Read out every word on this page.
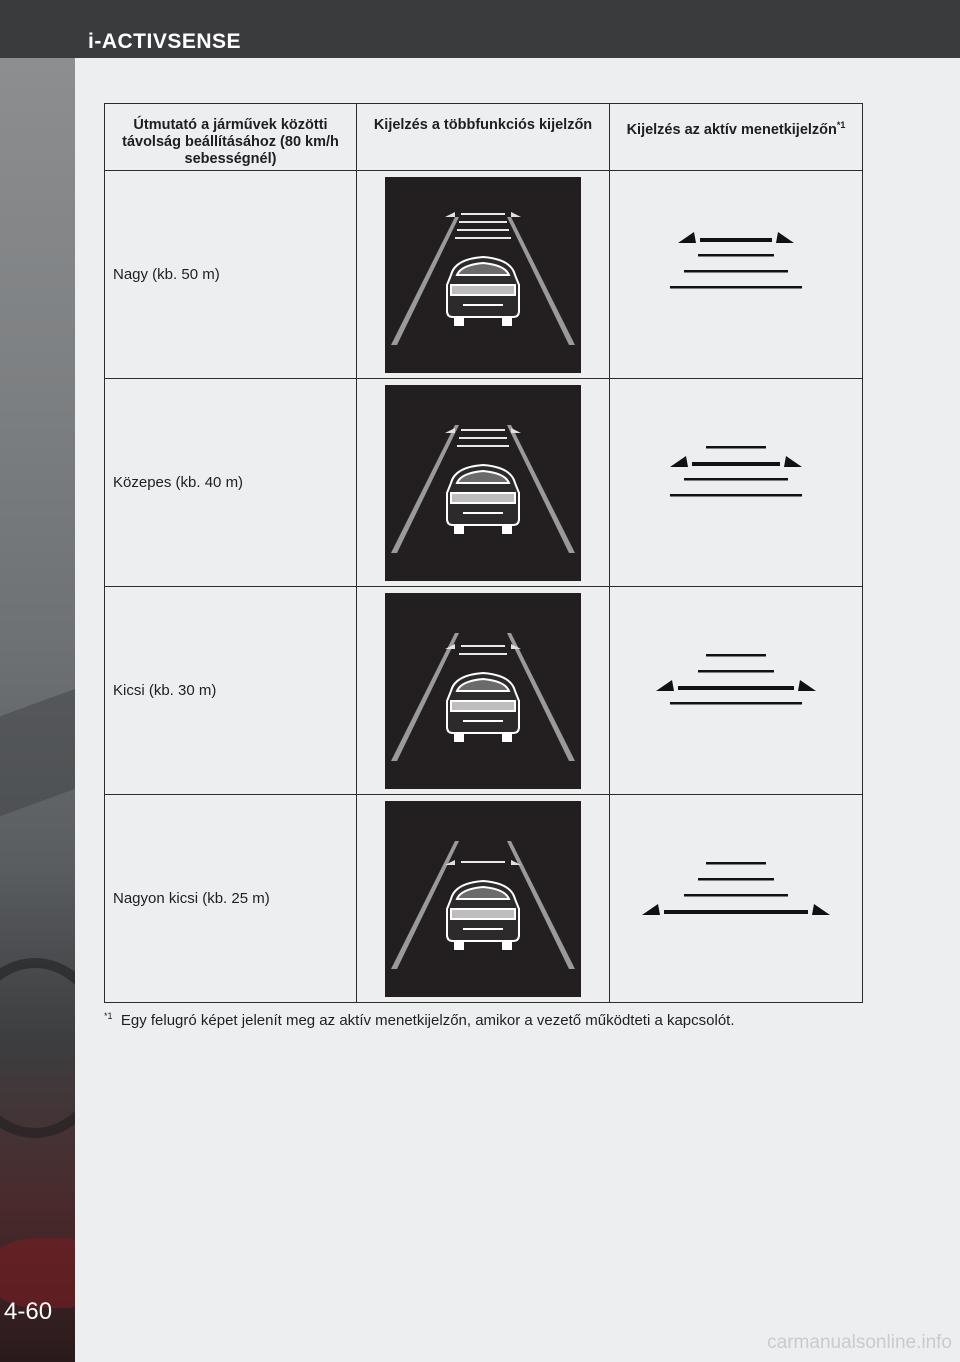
i-ACTIVSENSE
4-60
Útmutató a járművek közötti távolság beállításához (80 km/h sebességnél)	Kijelzés a többfunkciós kijelzőn	Kijelzés az aktív menetkijelzőn$^{*1}$
Nagy (kb. 50 m)	

Közepes (kb. 40 m)	

Kicsi (kb. 30 m)	

Nagyon kicsi (kb. 25 m)	

$^{*1}$ Egy felugró képet jelenít meg az aktív menetkijelzőn, amikor a vezető működteti a kapcsolót.
carmanualsonline.info
